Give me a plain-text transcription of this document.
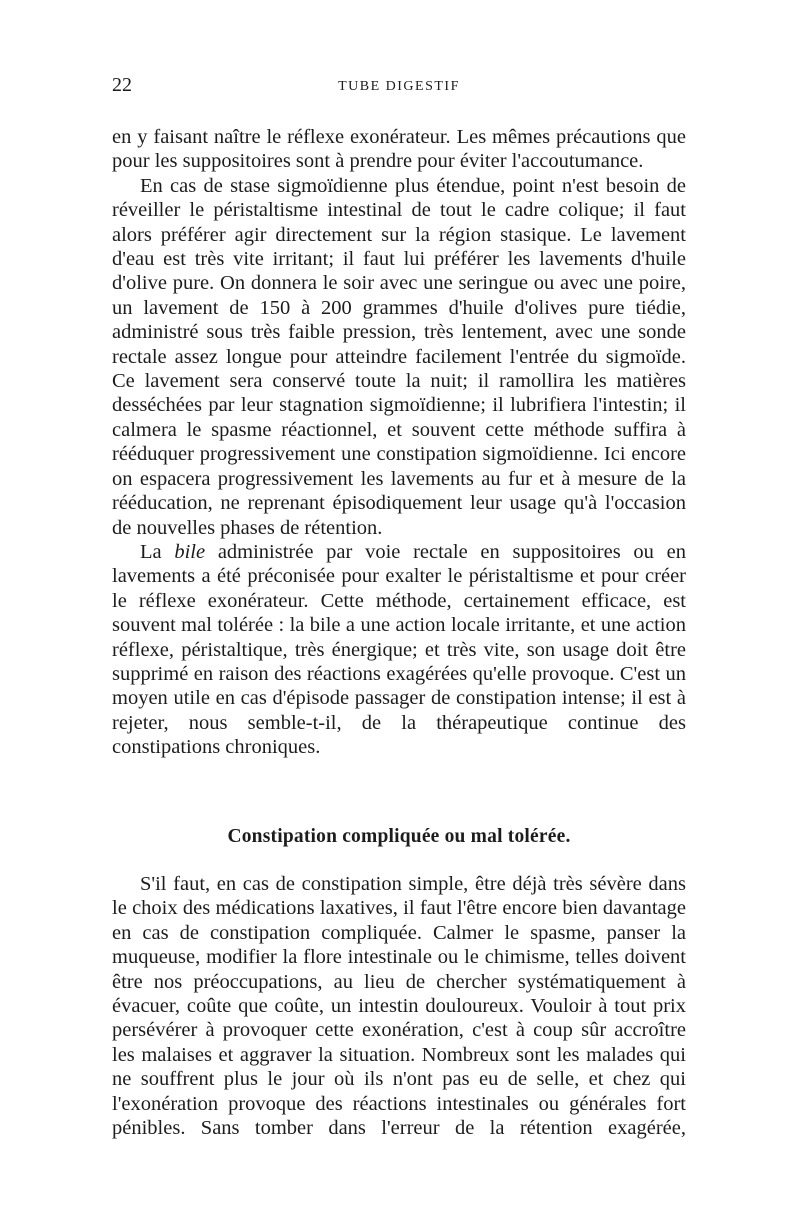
22	TUBE DIGESTIF

en y faisant naître le réflexe exonérateur. Les mêmes précautions que pour les suppositoires sont à prendre pour éviter l'accoutumance.

En cas de stase sigmoïdienne plus étendue, point n'est besoin de réveiller le péristaltisme intestinal de tout le cadre colique; il faut alors préférer agir directement sur la région stasique. Le lavement d'eau est très vite irritant; il faut lui préférer les lavements d'huile d'olive pure. On donnera le soir avec une seringue ou avec une poire, un lavement de 150 à 200 grammes d'huile d'olives pure tiédie, administré sous très faible pression, très lentement, avec une sonde rectale assez longue pour atteindre facilement l'entrée du sigmoïde. Ce lavement sera conservé toute la nuit; il ramollira les matières desséchées par leur stagnation sigmoïdienne; il lubrifiera l'intestin; il calmera le spasme réactionnel, et souvent cette méthode suffira à rééduquer progressivement une constipation sigmoïdienne. Ici encore on espacera progressivement les lavements au fur et à mesure de la rééducation, ne reprenant épisodiquement leur usage qu'à l'occasion de nouvelles phases de rétention.

La bile administrée par voie rectale en suppositoires ou en lavements a été préconisée pour exalter le péristaltisme et pour créer le réflexe exonérateur. Cette méthode, certainement efficace, est souvent mal tolérée : la bile a une action locale irritante, et une action réflexe, péristaltique, très énergique; et très vite, son usage doit être supprimé en raison des réactions exagérées qu'elle provoque. C'est un moyen utile en cas d'épisode passager de constipation intense; il est à rejeter, nous semble-t-il, de la thérapeutique continue des constipations chroniques.

Constipation compliquée ou mal tolérée.

S'il faut, en cas de constipation simple, être déjà très sévère dans le choix des médications laxatives, il faut l'être encore bien davantage en cas de constipation compliquée. Calmer le spasme, panser la muqueuse, modifier la flore intestinale ou le chimisme, telles doivent être nos préoccupations, au lieu de chercher systématiquement à évacuer, coûte que coûte, un intestin douloureux. Vouloir à tout prix persévérer à provoquer cette exonération, c'est à coup sûr accroître les malaises et aggraver la situation. Nombreux sont les malades qui ne souffrent plus le jour où ils n'ont pas eu de selle, et chez qui l'exonération provoque des réactions intestinales ou générales fort pénibles. Sans tomber dans l'erreur de la rétention exagérée,
